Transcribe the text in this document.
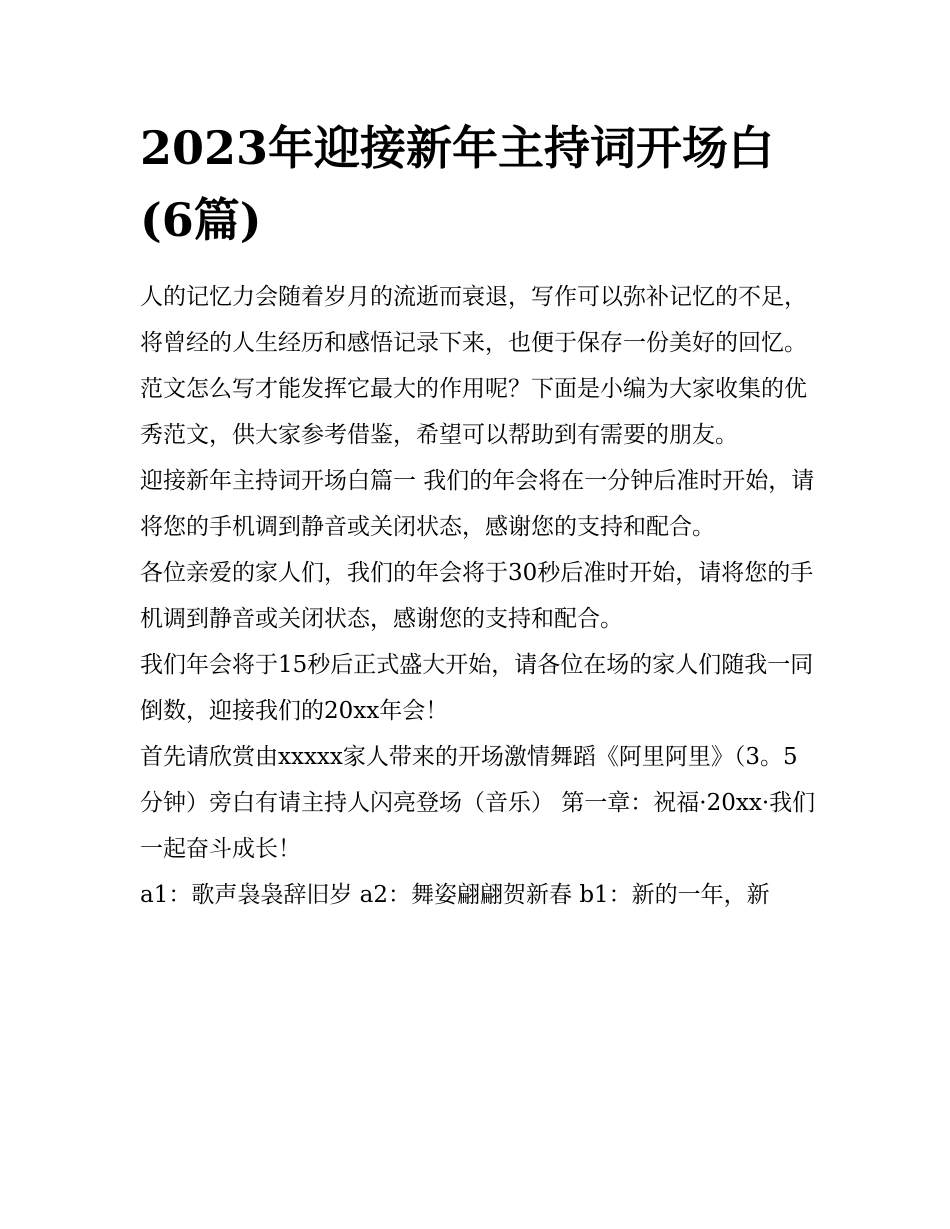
2023年迎接新年主持词开场白(6篇)

人的记忆力会随着岁月的流逝而衰退，写作可以弥补记忆的不足，将曾经的人生经历和感悟记录下来，也便于保存一份美好的回忆。范文怎么写才能发挥它最大的作用呢？下面是小编为大家收集的优秀范文，供大家参考借鉴，希望可以帮助到有需要的朋友。

迎接新年主持词开场白篇一 我们的年会将在一分钟后准时开始，请将您的手机调到静音或关闭状态，感谢您的支持和配合。

各位亲爱的家人们，我们的年会将于30秒后准时开始，请将您的手机调到静音或关闭状态，感谢您的支持和配合。

我们年会将于15秒后正式盛大开始，请各位在场的家人们随我一同倒数，迎接我们的20xx年会！

首先请欣赏由xxxxx家人带来的开场激情舞蹈《阿里阿里》（3。5分钟）旁白有请主持人闪亮登场（音乐） 第一章：祝福·20xx·我们一起奋斗成长！

a1：歌声袅袅辞旧岁 a2：舞姿翩翩贺新春 b1：新的一年，新
